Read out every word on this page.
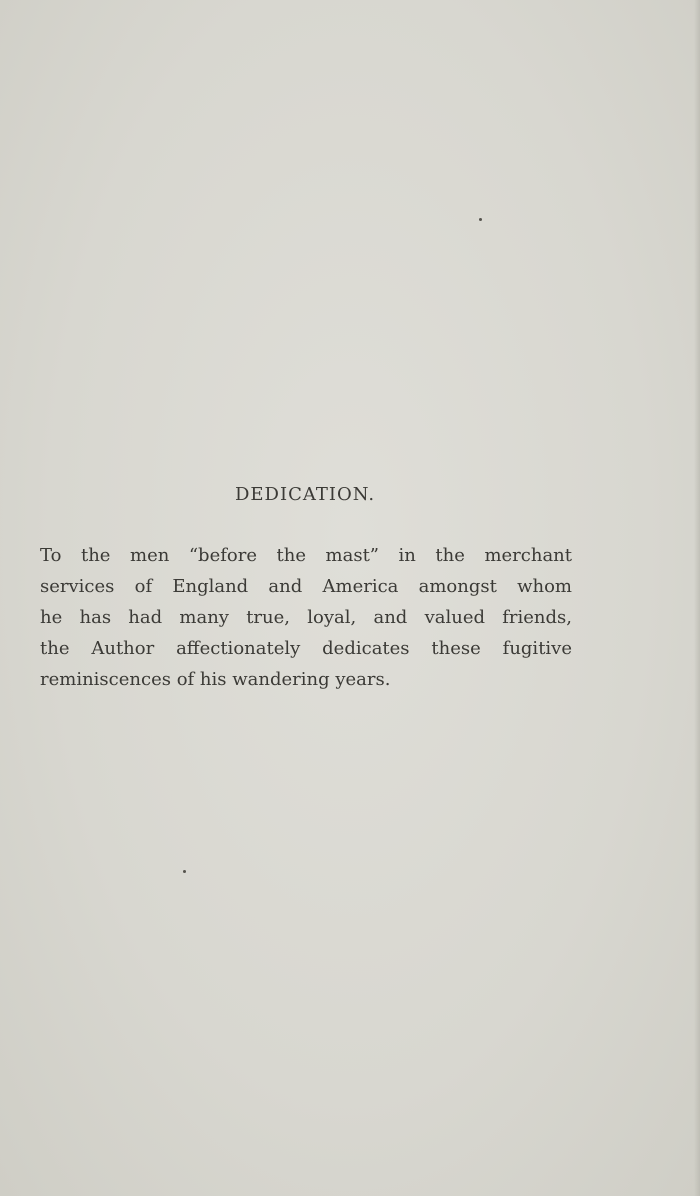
DEDICATION.
To the men “before the mast” in the merchant
services of England and America amongst whom
he has had many true, loyal, and valued friends,
the Author affectionately dedicates these fugitive
reminiscences of his wandering years.
